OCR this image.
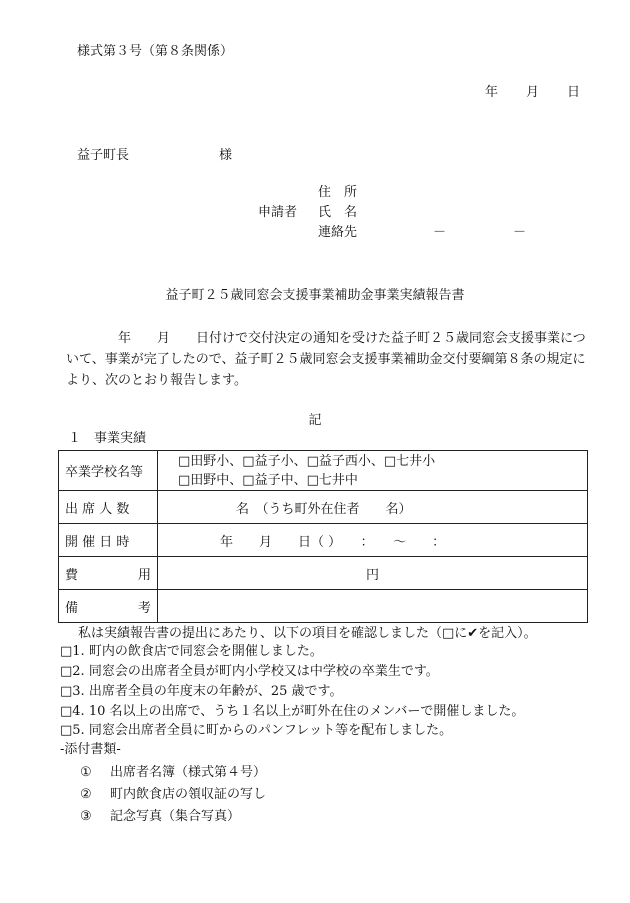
様式第３号（第８条関係）
年 月 日
益子町長	様
住　所
申請者 氏　名
連絡先	－	－
益子町２５歳同窓会支援事業補助金事業実績報告書
　　　　年　　月　　日付けで交付決定の通知を受けた益子町２５歳同窓会支援事業について、事業が完了したので、益子町２５歳同窓会支援事業補助金交付要綱第８条の規定により、次のとおり報告します。
記
１　事業実績
卒業学校名等	□田野小、□益子小、□益子西小、□七井小
□田野中、□益子中、□七井中

出 席 人 数	名　（うち町外在住者　　名）
開 催 日 時	年　　月　　日（ ）　　：　　～　　：

費 用	円

備 考	

私は実績報告書の提出にあたり、以下の項目を確認しました（□に✔を記入）。
□1. 町内の飲食店で同窓会を開催しました。
□2. 同窓会の出席者全員が町内小学校又は中学校の卒業生です。
□3. 出席者全員の年度末の年齢が、25 歳です。
□4. 10 名以上の出席で、うち１名以上が町外在住のメンバーで開催しました。
□5. 同窓会出席者全員に町からのパンフレット等を配布しました。
-添付書類-
① 出席者名簿（様式第４号）
② 町内飲食店の領収証の写し
③ 記念写真（集合写真）
